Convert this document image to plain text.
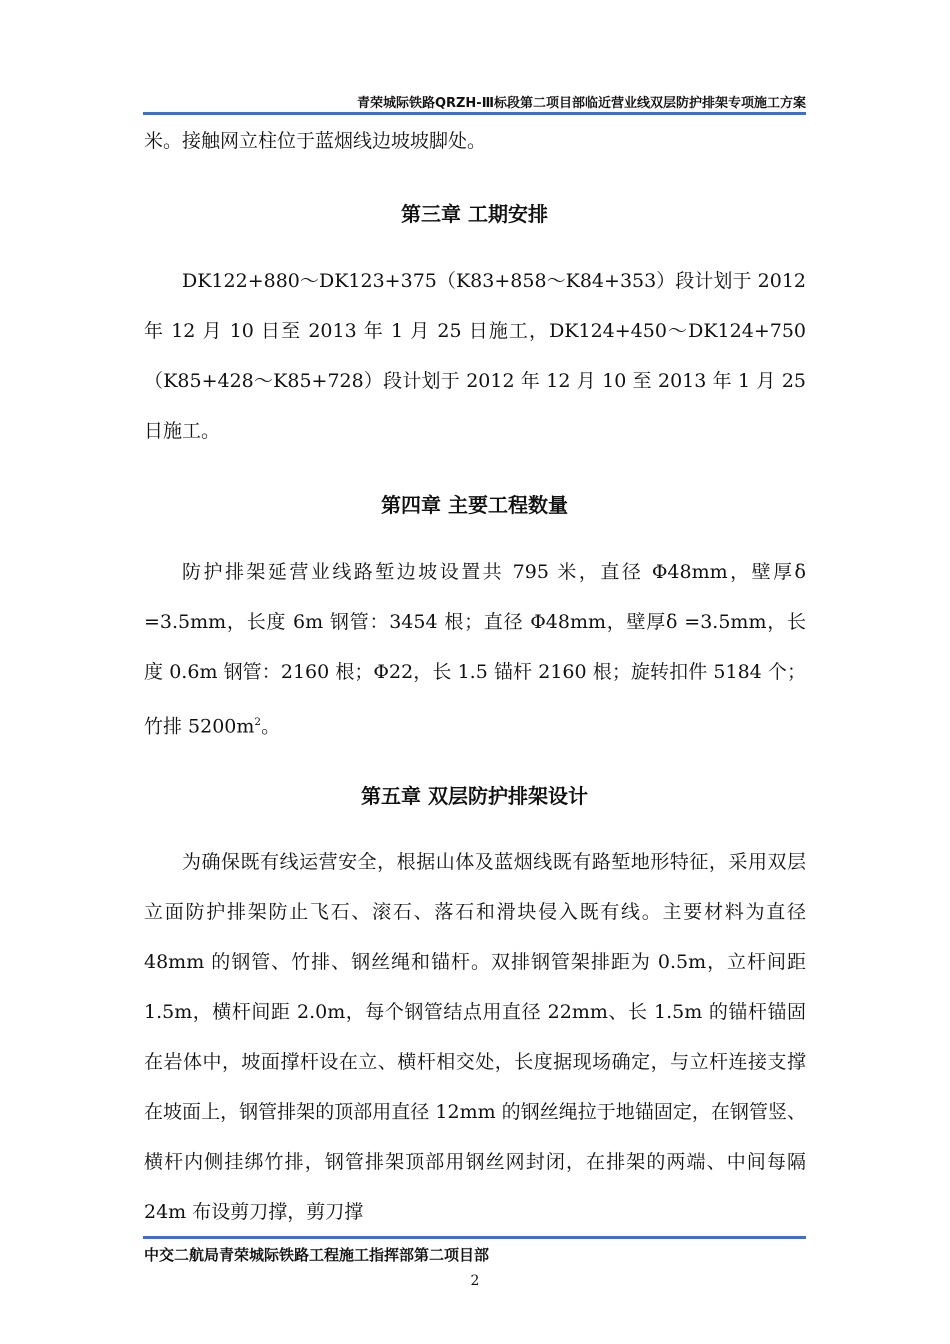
青荣城际铁路QRZH-Ⅲ标段第二项目部临近营业线双层防护排架专项施工方案

米。接触网立柱位于蓝烟线边坡坡脚处。

第三章 工期安排

DK122+880～DK123+375（K83+858～K84+353）段计划于 2012 年 12 月 10 日至 2013 年 1 月 25 日施工，DK124+450～DK124+750（K85+428～K85+728）段计划于 2012 年 12 月 10 至 2013 年 1 月 25 日施工。

第四章 主要工程数量

防护排架延营业线路堑边坡设置共 795 米，直径 Φ48mm，壁厚δ =3.5mm，长度 6m 钢管：3454 根；直径 Φ48mm，壁厚δ =3.5mm，长度 0.6m 钢管：2160 根；Φ22，长 1.5 锚杆 2160 根；旋转扣件 5184 个；竹排 $5200m^2$。

第五章 双层防护排架设计

为确保既有线运营安全，根据山体及蓝烟线既有路堑地形特征，采用双层立面防护排架防止飞石、滚石、落石和滑块侵入既有线。主要材料为直径 48mm 的钢管、竹排、钢丝绳和锚杆。双排钢管架排距为 0.5m，立杆间距 1.5m，横杆间距 2.0m，每个钢管结点用直径 22mm、长 1.5m 的锚杆锚固在岩体中，坡面撑杆设在立、横杆相交处，长度据现场确定，与立杆连接支撑在坡面上，钢管排架的顶部用直径 12mm 的钢丝绳拉于地锚固定，在钢管竖、横杆内侧挂绑竹排，钢管排架顶部用钢丝网封闭，在排架的两端、中间每隔 24m 布设剪刀撑，剪刀撑

中交二航局青荣城际铁路工程施工指挥部第二项目部
2
